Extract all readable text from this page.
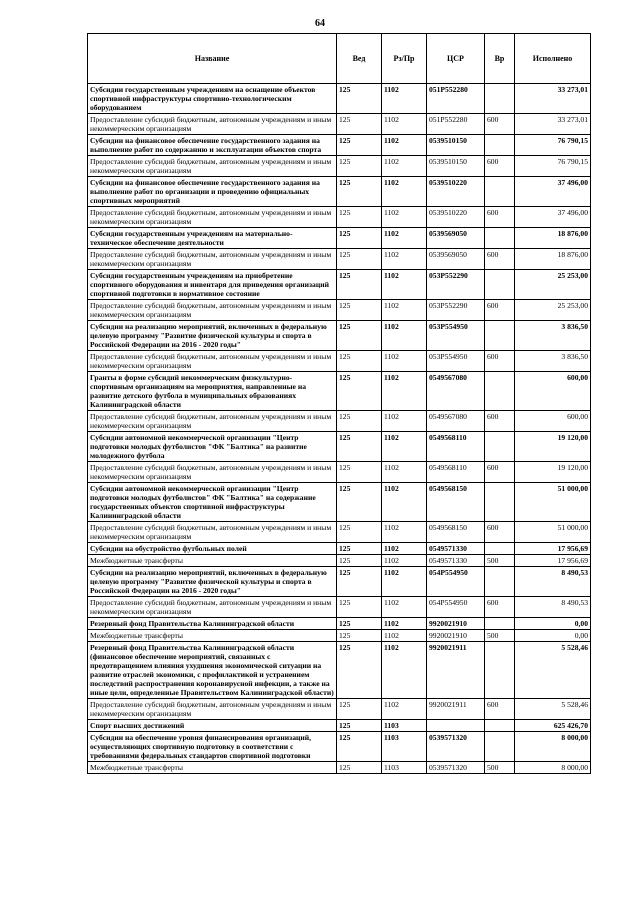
64
Название	Вед	Рз/Пр	ЦСР	Вр	Исполнено
Субсидии государственным учреждениям на оснащение объектов спортивной инфраструктуры спортивно-технологическим оборудованием	125	1102	051P552280		33 273,01
Предоставление субсидий бюджетным, автономным учреждениям и иным некоммерческим организациям	125	1102	051P552280	600	33 273,01
Субсидии на финансовое обеспечение государственного задания на выполнение работ по содержанию и эксплуатации объектов спорта	125	1102	0539510150		76 790,15
Предоставление субсидий бюджетным, автономным учреждениям и иным некоммерческим организациям	125	1102	0539510150	600	76 790,15
Субсидии на финансовое обеспечение государственного задания на выполнение работ по организации и проведению официальных спортивных мероприятий	125	1102	0539510220		37 496,00
Предоставление субсидий бюджетным, автономным учреждениям и иным некоммерческим организациям	125	1102	0539510220	600	37 496,00
Субсидии государственным учреждениям на материально-техническое обеспечение деятельности	125	1102	0539569050		18 876,00
Предоставление субсидий бюджетным, автономным учреждениям и иным некоммерческим организациям	125	1102	0539569050	600	18 876,00
Субсидии государственным учреждениям на приобретение спортивного оборудования и инвентаря для приведения организаций спортивной подготовки в нормативное состояние	125	1102	053P552290		25 253,00
Предоставление субсидий бюджетным, автономным учреждениям и иным некоммерческим организациям	125	1102	053P552290	600	25 253,00
Субсидии на реализацию мероприятий, включенных в федеральную целевую программу "Развитие физической культуры и спорта в Российской Федерации на 2016 - 2020 годы"	125	1102	053P554950		3 836,50
Предоставление субсидий бюджетным, автономным учреждениям и иным некоммерческим организациям	125	1102	053P554950	600	3 836,50
Гранты в форме субсидий некоммерческим физкультурно-спортивным организациям на мероприятия, направленные на развитие детского футбола в муниципальных образованиях Калининградской области	125	1102	0549567080		600,00
Предоставление субсидий бюджетным, автономным учреждениям и иным некоммерческим организациям	125	1102	0549567080	600	600,00
Субсидии автономной некоммерческой организации "Центр подготовки молодых футболистов "ФК "Балтика" на развитие молодежного футбола	125	1102	0549568110		19 120,00
Предоставление субсидий бюджетным, автономным учреждениям и иным некоммерческим организациям	125	1102	0549568110	600	19 120,00
Субсидии автономной некоммерческой организации "Центр подготовки молодых футболистов" ФК "Балтика" на содержание государственных объектов спортивной инфраструктуры Калининградской области	125	1102	0549568150		51 000,00
Предоставление субсидий бюджетным, автономным учреждениям и иным некоммерческим организациям	125	1102	0549568150	600	51 000,00
Субсидии на обустройство футбольных полей	125	1102	0549571330		17 956,69
Межбюджетные трансферты	125	1102	0549571330	500	17 956,69
Субсидии на реализацию мероприятий, включенных в федеральную целевую программу "Развитие физической культуры и спорта в Российской Федерации на 2016 - 2020 годы"	125	1102	054P554950		8 490,53
Предоставление субсидий бюджетным, автономным учреждениям и иным некоммерческим организациям	125	1102	054P554950	600	8 490,53
Резервный фонд Правительства Калининградской области	125	1102	9920021910		0,00
Межбюджетные трансферты	125	1102	9920021910	500	0,00
Резервный фонд Правительства Калининградской области (финансовое обеспечение мероприятий, связанных с предотвращением влияния ухудшения экономической ситуации на развитие отраслей экономики, с профилактикой и устранением последствий распространения коронавирусной инфекции, а также на иные цели, определенные Правительством Калининградской области)	125	1102	9920021911		5 528,46
Предоставление субсидий бюджетным, автономным учреждениям и иным некоммерческим организациям	125	1102	9920021911	600	5 528,46
Спорт высших достижений	125	1103			625 426,70
Субсидии на обеспечение уровня финансирования организаций, осуществляющих спортивную подготовку в соответствии с требованиями федеральных стандартов спортивной подготовки	125	1103	0539571320		8 000,00
Межбюджетные трансферты	125	1103	0539571320	500	8 000,00
